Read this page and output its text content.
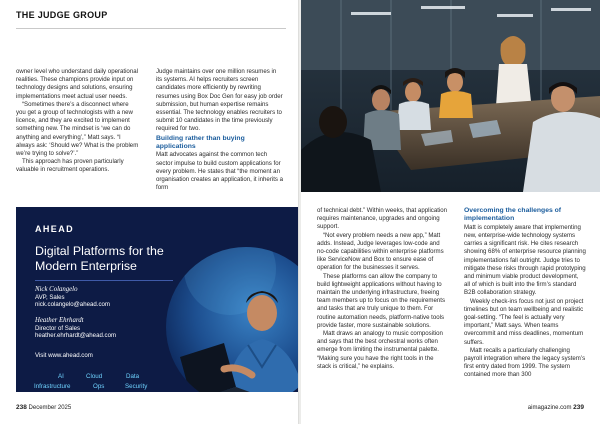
THE JUDGE GROUP

owner level who understand daily operational realities. These champions provide input on technology designs and solutions, ensuring implementations meet actual user needs.

“Sometimes there’s a disconnect where you get a group of technologists with a new licence, and they are excited to implement something new. The mindset is ‘we can do anything and everything’,” Matt says. “I always ask: ‘Should we? What is the problem we’re trying to solve?’.”

This approach has proven particularly valuable in recruitment operations.

Judge maintains over one million resumes in its systems. AI helps recruiters screen candidates more efficiently by rewriting resumes using Box Doc Gen for easy job order submission, but human expertise remains essential. The technology enables recruiters to submit 10 candidates in the time previously required for two.

Building rather than buying applications

Matt advocates against the common tech sector impulse to build custom applications for every problem. He states that “the moment an organisation creates an application, it inherits a form

AHEAD
Digital Platforms for the Modern Enterprise
Nick Colangelo
AVP, Sales
nick.colangelo@ahead.com
Heather Ehrhardt
Director of Sales
heather.ehrhardt@ahead.com
Visit www.ahead.com
AI	Cloud	Data
Infrastructure	Ops	Security
238 December 2025

of technical debt.” Within weeks, that application requires maintenance, upgrades and ongoing support.

“Not every problem needs a new app,” Matt adds. Instead, Judge leverages low-code and no-code capabilities within enterprise platforms like ServiceNow and Box to ensure ease of operation for the businesses it serves.

These platforms can allow the company to build lightweight applications without having to maintain the underlying infrastructure, freeing team members up to focus on the requirements and tasks that are truly unique to them. For routine automation needs, platform-native tools provide faster, more sustainable solutions.

Matt draws an analogy to music composition and says that the best orchestral works often emerge from limiting the instrumental palette. “Making sure you have the right tools in the stack is critical,” he explains.

Overcoming the challenges of implementation

Matt is completely aware that implementing new, enterprise-wide technology systems carries a significant risk. He cites research showing 68% of enterprise resource planning implementations fall outright. Judge tries to mitigate these risks through rapid prototyping and minimum viable product development, all of which is built into the firm’s standard B2B collaboration strategy.

Weekly check-ins focus not just on project timelines but on team wellbeing and realistic goal-setting. “The feel is actually very important,” Matt says. When teams overcommit and miss deadlines, momentum suffers.

Matt recalls a particularly challenging payroll integration where the legacy system’s first entry dated from 1999. The system contained more than 300

aimagazine.com 239
